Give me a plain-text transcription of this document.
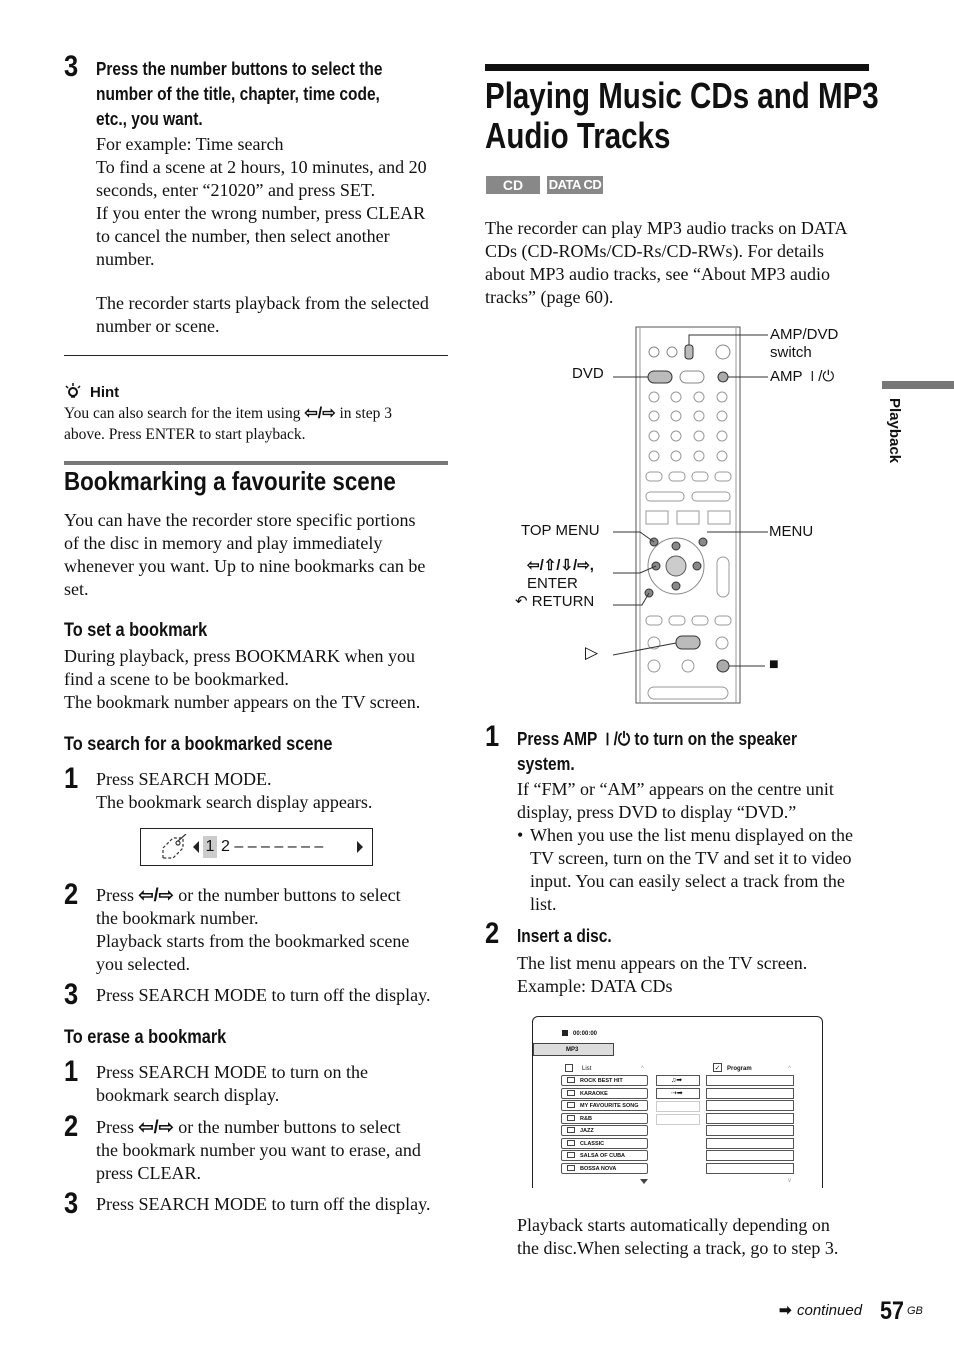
3 Press the number buttons to select the
number of the title, chapter, time code,
etc., you want.
For example: Time search
To find a scene at 2 hours, 10 minutes, and 20
seconds, enter “21020” and press SET.
If you enter the wrong number, press CLEAR
to cancel the number, then select another
number.
The recorder starts playback from the selected
number or scene.
Hint
You can also search for the item using ⇦/⇨ in step 3
above. Press ENTER to start playback.
Bookmarking a favourite scene
You can have the recorder store specific portions
of the disc in memory and play immediately
whenever you want. Up to nine bookmarks can be
set.
To set a bookmark
During playback, press BOOKMARK when you
find a scene to be bookmarked.
The bookmark number appears on the TV screen.
To search for a bookmarked scene
1 Press SEARCH MODE.
The bookmark search display appears.
1 2 – – – – – – –
2 Press ⇦/⇨ or the number buttons to select
the bookmark number.
Playback starts from the bookmarked scene
you selected.
3 Press SEARCH MODE to turn off the display.
To erase a bookmark
1 Press SEARCH MODE to turn on the
bookmark search display.
2 Press ⇦/⇨ or the number buttons to select
the bookmark number you want to erase, and
press CLEAR.
3 Press SEARCH MODE to turn off the display.
Playing Music CDs and MP3
Audio Tracks
CD	DATA CD
The recorder can play MP3 audio tracks on DATA
CDs (CD-ROMs/CD-Rs/CD-RWs). For details
about MP3 audio tracks, see “About MP3 audio
tracks” (page 60).
DVD
AMP/DVD
switch
AMP ⏽/⏻
TOP MENU	MENU
⇦/⇧/⇩/⇨,
ENTER
↶ RETURN
▷
■
1 Press AMP ⏽/⏻ to turn on the speaker
system.
If “FM” or “AM” appears on the centre unit
display, press DVD to display “DVD.”
• When you use the list menu displayed on the
TV screen, turn on the TV and set it to video
input. You can easily select a track from the
list.
2 Insert a disc.
The list menu appears on the TV screen.
Example: DATA CDs
00:00:00
MP3
List	^	✓ Program	^
ROCK BEST HIT
KARAOKE
MY FAVOURITE SONG
R&B
JAZZ
CLASSIC
SALSA OF CUBA
BOSSA NOVA
♫➡
⇢➡
v
Playback starts automatically depending on
the disc.When selecting a track, go to step 3.
Playback
➡ continued 57 GB
